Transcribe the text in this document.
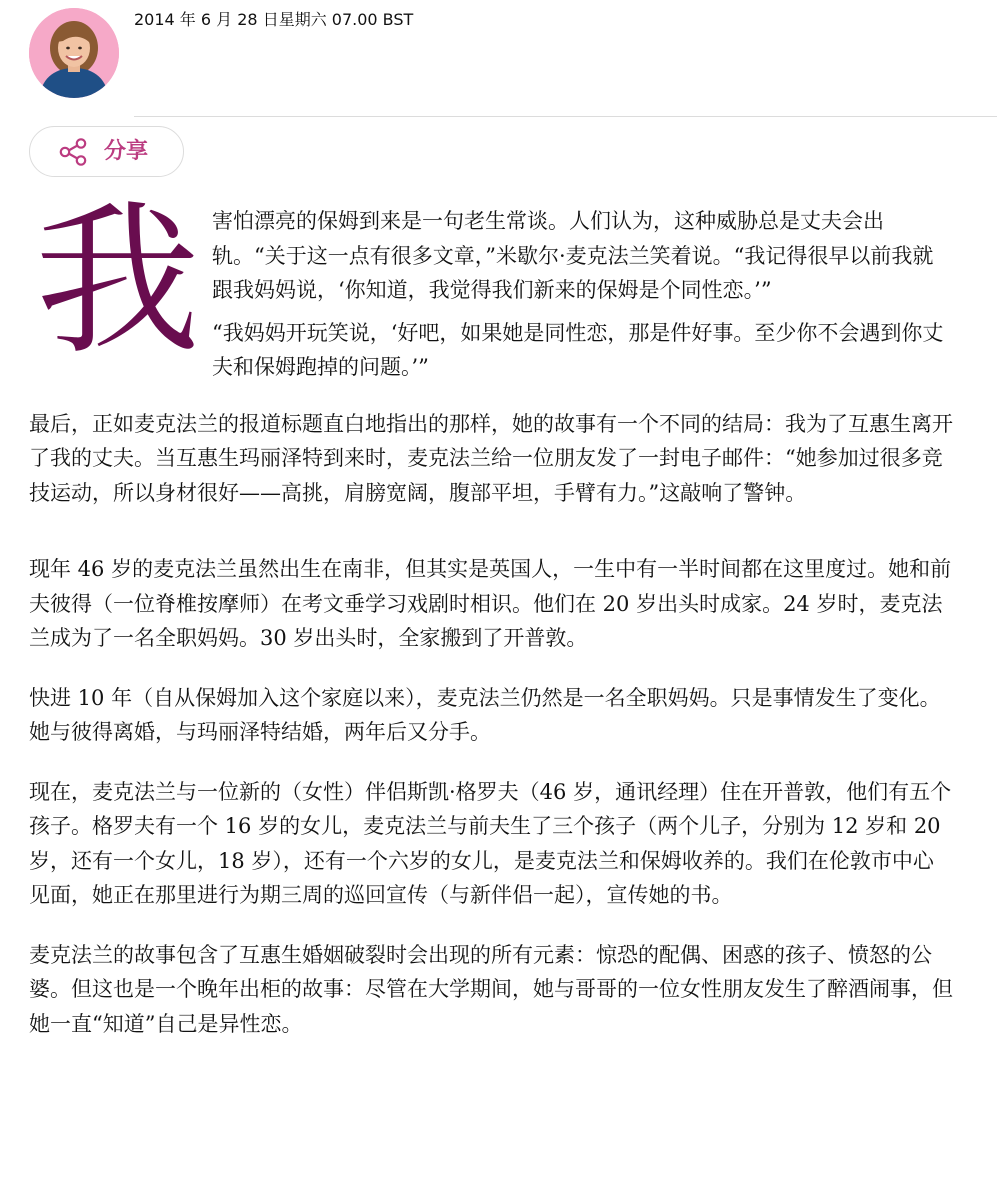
2014 年 6 月 28 日星期六 07.00 BST
分享
我 害怕漂亮的保姆到来是一句老生常谈。人们认为，这种威胁总是丈夫会出轨。“关于这一点有很多文章，”米歇尔·麦克法兰笑着说。“我记得很早以前我就跟我妈妈说，‘你知道，我觉得我们新来的保姆是个同性恋。’”

“我妈妈开玩笑说，‘好吧，如果她是同性恋，那是件好事。至少你不会遇到你丈夫和保姆跑掉的问题。’”

最后，正如麦克法兰的报道标题直白地指出的那样，她的故事有一个不同的结局：我为了互惠生离开了我的丈夫。当互惠生玛丽泽特到来时，麦克法兰给一位朋友发了一封电子邮件：“她参加过很多竞技运动，所以身材很好——高挑，肩膀宽阔，腹部平坦，手臂有力。”这敲响了警钟。

现年 46 岁的麦克法兰虽然出生在南非，但其实是英国人，一生中有一半时间都在这里度过。她和前夫彼得（一位脊椎按摩师）在考文垂学习戏剧时相识。他们在 20 岁出头时成家。24 岁时，麦克法兰成为了一名全职妈妈。30 岁出头时，全家搬到了开普敦。

快进 10 年（自从保姆加入这个家庭以来），麦克法兰仍然是一名全职妈妈。只是事情发生了变化。她与彼得离婚，与玛丽泽特结婚，两年后又分手。

现在，麦克法兰与一位新的（女性）伴侣斯凯·格罗夫（46 岁，通讯经理）住在开普敦，他们有五个孩子。格罗夫有一个 16 岁的女儿，麦克法兰与前夫生了三个孩子（两个儿子，分别为 12 岁和 20 岁，还有一个女儿，18 岁），还有一个六岁的女儿，是麦克法兰和保姆收养的。我们在伦敦市中心见面，她正在那里进行为期三周的巡回宣传（与新伴侣一起），宣传她的书。

麦克法兰的故事包含了互惠生婚姻破裂时会出现的所有元素：惊恐的配偶、困惑的孩子、愤怒的公婆。但这也是一个晚年出柜的故事：尽管在大学期间，她与哥哥的一位女性朋友发生了醉酒闹事，但她一直“知道”自己是异性恋。
